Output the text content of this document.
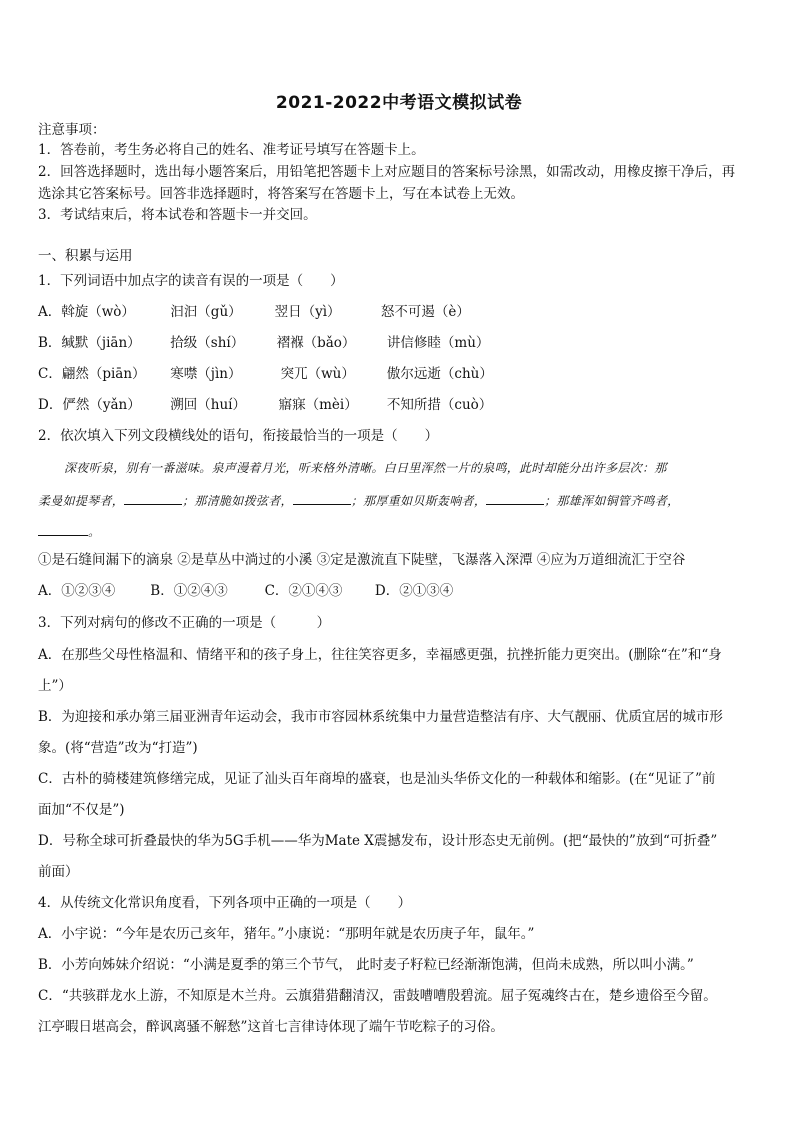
2021-2022中考语文模拟试卷
注意事项：
1．答卷前，考生务必将自己的姓名、准考证号填写在答题卡上。
2．回答选择题时，选出每小题答案后，用铅笔把答题卡上对应题目的答案标号涂黑，如需改动，用橡皮擦干净后，再
选涂其它答案标号。回答非选择题时，将答案写在答题卡上，写在本试卷上无效。
3．考试结束后，将本试卷和答题卡一并交回。
一、积累与运用
1．下列词语中加点字的读音有误的一项是（　　）
A．斡旋（wò）	汩汩（gǔ） 翌日（yì）	怒不可遏（è）
B．缄默（jiān） 拾级（shí） 褶褓（bǎo） 讲信修睦（mù）
C．翩然（piān） 寒噤（jìn）	突兀（wù） 傲尔远逝（chù）
D．俨然（yǎn） 溯回（huí） 寤寐（mèi） 不知所措（cuò）
2．依次填入下列文段横线处的语句，衔接最恰当的一项是（　　）
深夜听泉，别有一番滋味。泉声漫着月光，听来格外清晰。白日里浑然一片的泉鸣，此时却能分出许多层次：那
柔曼如提琴者，	；那清脆如拨弦者，	；那厚重如贝斯轰响者，	；那雄浑如铜管齐鸣者，
。
①是石缝间漏下的滴泉 ②是草丛中淌过的小溪 ③定是激流直下陡壁，飞瀑落入深潭 ④应为万道细流汇于空谷
A．①②③④	B．①②④③	C．②①④③ D．②①③④
3．下列对病句的修改不正确的一项是（　　　）
A．在那些父母性格温和、情绪平和的孩子身上，往往笑容更多，幸福感更强，抗挫折能力更突出。(删除“在”和“身
上”）
B．为迎接和承办第三届亚洲青年运动会，我市市容园林系统集中力量营造整洁有序、大气靓丽、优质宜居的城市形
象。(将“营造”改为“打造”)
C．古朴的骑楼建筑修缮完成，见证了汕头百年商埠的盛衰，也是汕头华侨文化的一种载体和缩影。(在“见证了”前
面加“不仅是”)
D．号称全球可折叠最快的华为5G手机——华为Mate X震撼发布，设计形态史无前例。(把“最快的”放到“可折叠”
前面）
4．从传统文化常识角度看，下列各项中正确的一项是（　　）
A．小宇说：“今年是农历己亥年，猪年。”小康说：“那明年就是农历庚子年，鼠年。”
B．小芳向姊妹介绍说：“小满是夏季的第三个节气， 此时麦子籽粒已经渐渐饱满，但尚未成熟，所以叫小满。”
C．“共骇群龙水上游，不知原是木兰舟。云旗猎猎翻清汉，雷鼓嘈嘈殷碧流。屈子冤魂终古在，楚乡遗俗至今留。
江亭暇日堪高会，醉讽离骚不解愁”这首七言律诗体现了端午节吃粽子的习俗。
